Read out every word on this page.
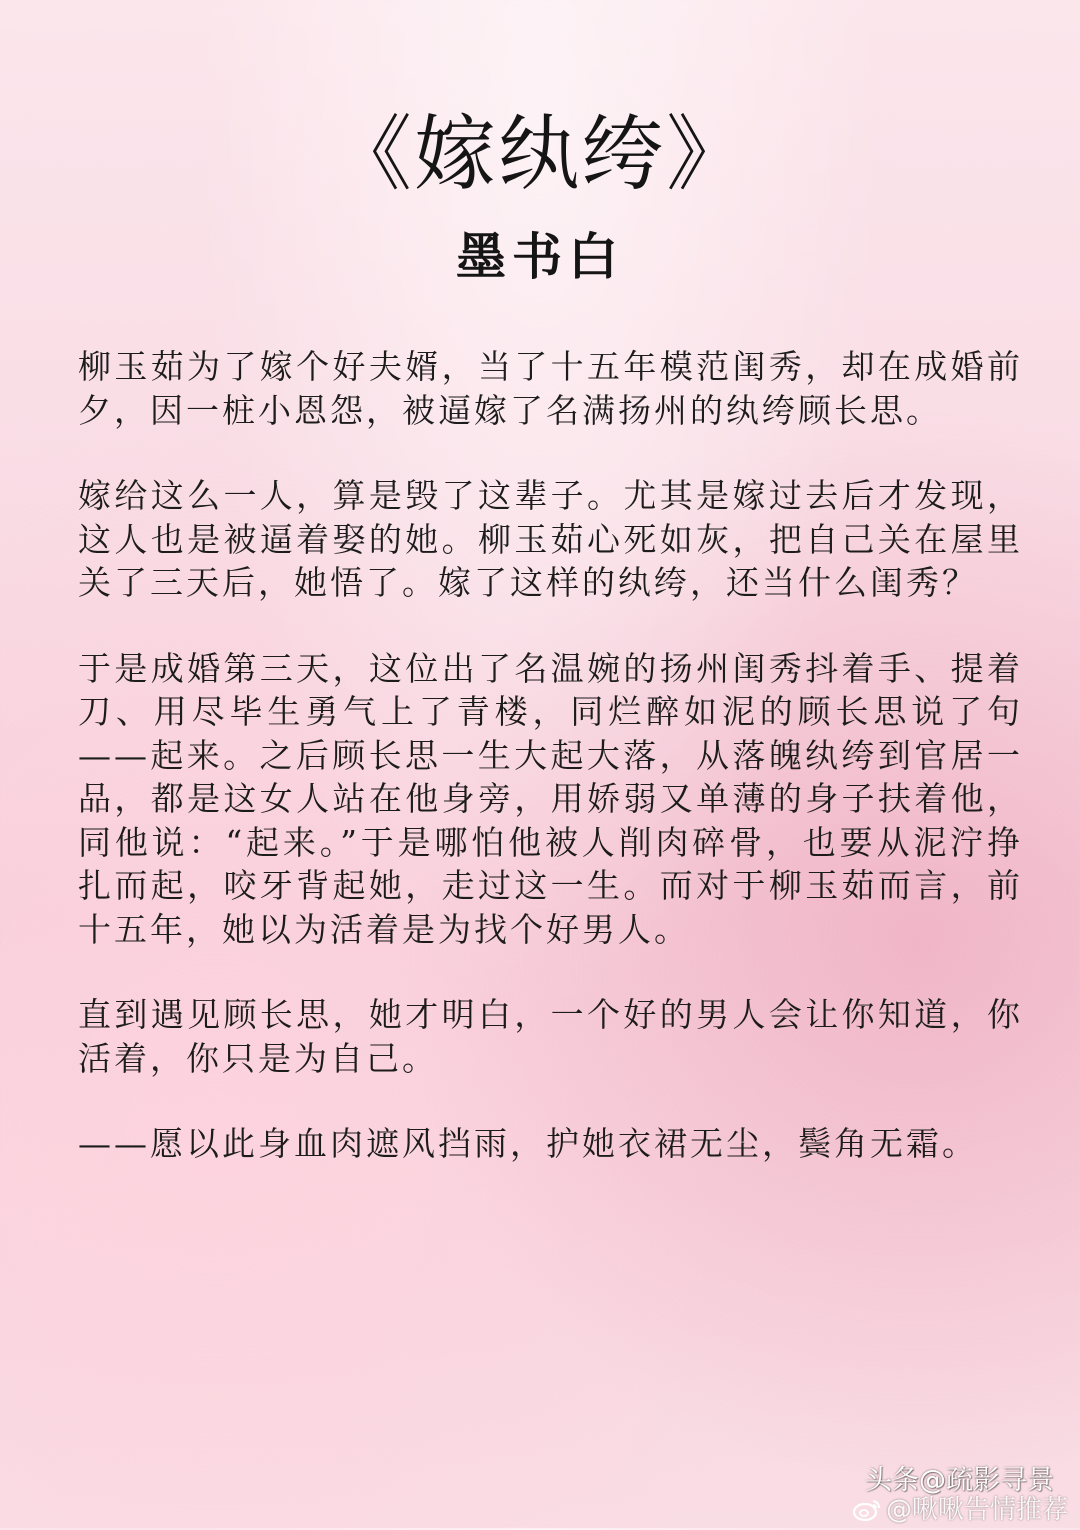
《嫁纨绔》
墨书白

柳玉茹为了嫁个好夫婿，当了十五年模范闺秀，却在成婚前夕，因一桩小恩怨，被逼嫁了名满扬州的纨绔顾长思。

嫁给这么一人，算是毁了这辈子。尤其是嫁过去后才发现，这人也是被逼着娶的她。柳玉茹心死如灰，把自己关在屋里关了三天后，她悟了。嫁了这样的纨绔，还当什么闺秀？

于是成婚第三天，这位出了名温婉的扬州闺秀抖着手、提着刀、用尽毕生勇气上了青楼，同烂醉如泥的顾长思说了句——起来。之后顾长思一生大起大落，从落魄纨绔到官居一品，都是这女人站在他身旁，用娇弱又单薄的身子扶着他，同他说：“起来。”于是哪怕他被人削肉碎骨，也要从泥泞挣扎而起，咬牙背起她，走过这一生。而对于柳玉茹而言，前十五年，她以为活着是为找个好男人。

直到遇见顾长思，她才明白，一个好的男人会让你知道，你活着，你只是为自己。

——愿以此身血肉遮风挡雨，护她衣裙无尘，鬓角无霜。

头条@疏影寻景
@啾啾告情推荐
